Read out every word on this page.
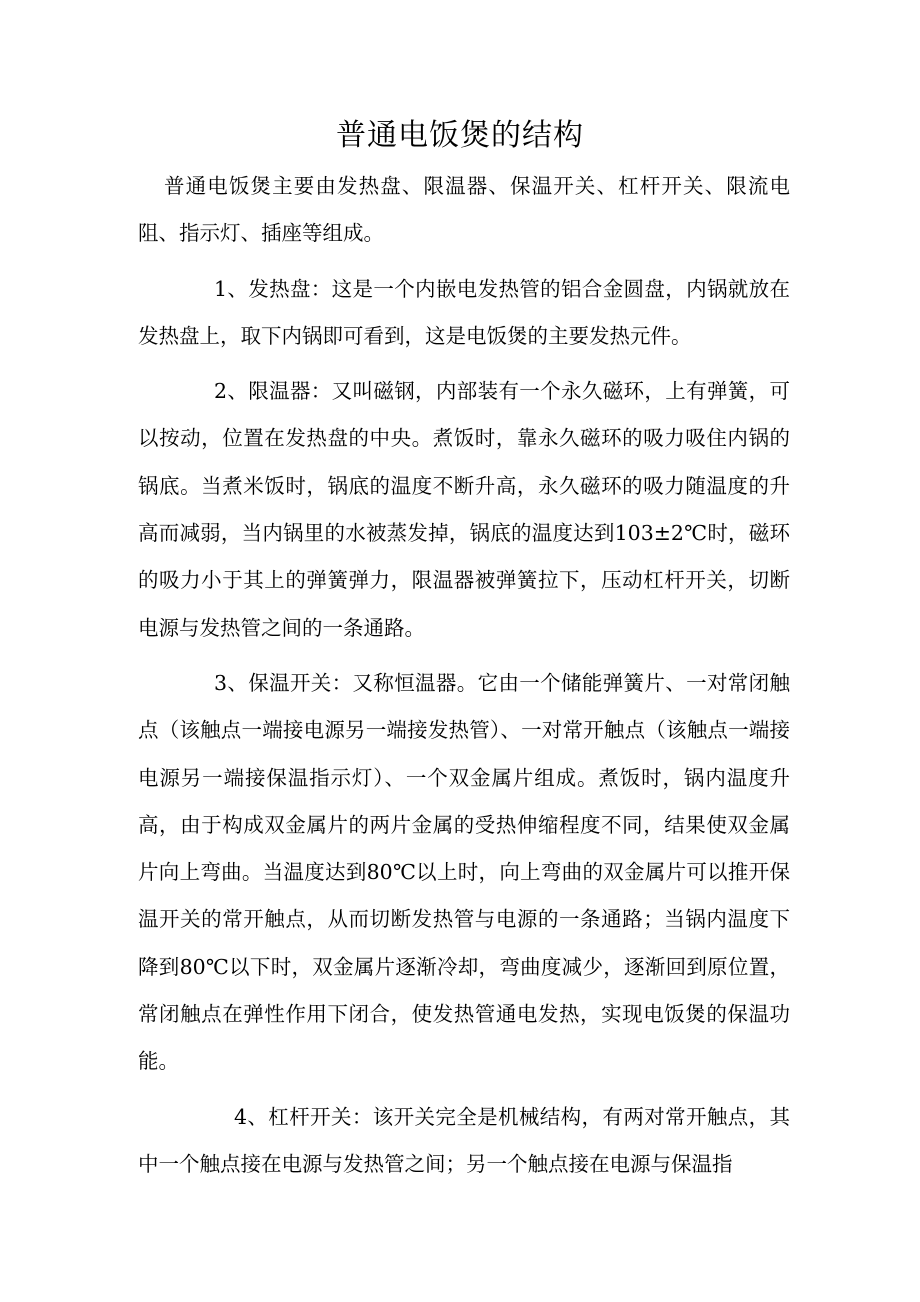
普通电饭煲的结构

普通电饭煲主要由发热盘、限温器、保温开关、杠杆开关、限流电阻、指示灯、插座等组成。

1、发热盘：这是一个内嵌电发热管的铝合金圆盘，内锅就放在发热盘上，取下内锅即可看到，这是电饭煲的主要发热元件。

2、限温器：又叫磁钢，内部装有一个永久磁环，上有弹簧，可以按动，位置在发热盘的中央。煮饭时，靠永久磁环的吸力吸住内锅的锅底。当煮米饭时，锅底的温度不断升高，永久磁环的吸力随温度的升高而减弱，当内锅里的水被蒸发掉，锅底的温度达到103±2℃时，磁环的吸力小于其上的弹簧弹力，限温器被弹簧拉下，压动杠杆开关，切断电源与发热管之间的一条通路。

3、保温开关：又称恒温器。它由一个储能弹簧片、一对常闭触点（该触点一端接电源另一端接发热管）、一对常开触点（该触点一端接电源另一端接保温指示灯）、一个双金属片组成。煮饭时，锅内温度升高，由于构成双金属片的两片金属的受热伸缩程度不同，结果使双金属片向上弯曲。当温度达到80℃以上时，向上弯曲的双金属片可以推开保温开关的常开触点，从而切断发热管与电源的一条通路；当锅内温度下降到80℃以下时，双金属片逐渐冷却，弯曲度减少，逐渐回到原位置，常闭触点在弹性作用下闭合，使发热管通电发热，实现电饭煲的保温功能。

4、杠杆开关：该开关完全是机械结构，有两对常开触点，其中一个触点接在电源与发热管之间；另一个触点接在电源与保温指
